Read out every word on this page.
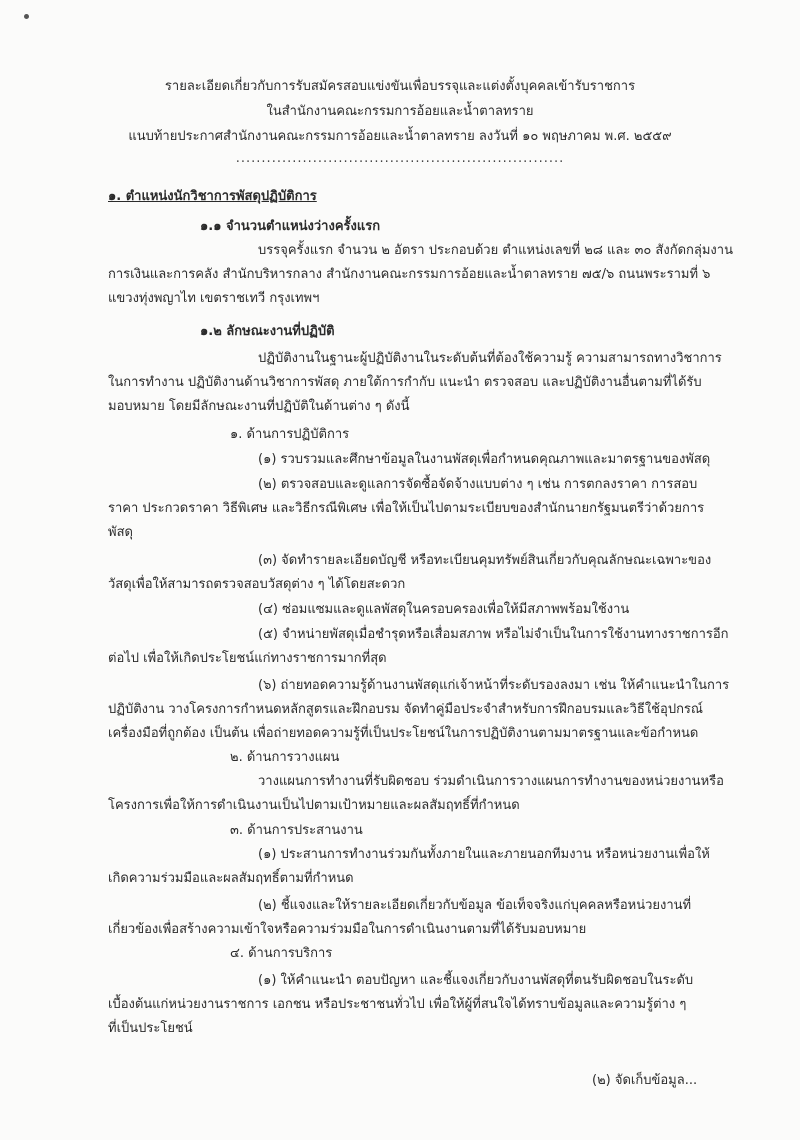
รายละเอียดเกี่ยวกับการรับสมัครสอบแข่งขันเพื่อบรรจุและแต่งตั้งบุคคลเข้ารับราชการ
ในสำนักงานคณะกรรมการอ้อยและน้ำตาลทราย
แนบท้ายประกาศสำนักงานคณะกรรมการอ้อยและน้ำตาลทราย ลงวันที่ ๑๐ พฤษภาคม พ.ศ. ๒๕๕๙
................................................................
๑. ตำแหน่งนักวิชาการพัสดุปฏิบัติการ
๑.๑ จำนวนตำแหน่งว่างครั้งแรก
บรรจุครั้งแรก จำนวน ๒ อัตรา ประกอบด้วย ตำแหน่งเลขที่ ๒๘ และ ๓๐ สังกัดกลุ่มงาน
การเงินและการคลัง สำนักบริหารกลาง สำนักงานคณะกรรมการอ้อยและน้ำตาลทราย ๗๕/๖ ถนนพระรามที่ ๖
แขวงทุ่งพญาไท เขตราชเทวี กรุงเทพฯ
๑.๒ ลักษณะงานที่ปฏิบัติ
ปฏิบัติงานในฐานะผู้ปฏิบัติงานในระดับต้นที่ต้องใช้ความรู้ ความสามารถทางวิชาการ
ในการทำงาน ปฏิบัติงานด้านวิชาการพัสดุ ภายใต้การกำกับ แนะนำ ตรวจสอบ และปฏิบัติงานอื่นตามที่ได้รับ
มอบหมาย โดยมีลักษณะงานที่ปฏิบัติในด้านต่าง ๆ ดังนี้
๑. ด้านการปฏิบัติการ
(๑) รวบรวมและศึกษาข้อมูลในงานพัสดุเพื่อกำหนดคุณภาพและมาตรฐานของพัสดุ
(๒) ตรวจสอบและดูแลการจัดซื้อจัดจ้างแบบต่าง ๆ เช่น การตกลงราคา การสอบ
ราคา ประกวดราคา วิธีพิเศษ และวิธีกรณีพิเศษ เพื่อให้เป็นไปตามระเบียบของสำนักนายกรัฐมนตรีว่าด้วยการ
พัสดุ
(๓) จัดทำรายละเอียดบัญชี หรือทะเบียนคุมทรัพย์สินเกี่ยวกับคุณลักษณะเฉพาะของ
วัสดุเพื่อให้สามารถตรวจสอบวัสดุต่าง ๆ ได้โดยสะดวก
(๔) ซ่อมแซมและดูแลพัสดุในครอบครองเพื่อให้มีสภาพพร้อมใช้งาน
(๕) จำหน่ายพัสดุเมื่อชำรุดหรือเสื่อมสภาพ หรือไม่จำเป็นในการใช้งานทางราชการอีก
ต่อไป เพื่อให้เกิดประโยชน์แก่ทางราชการมากที่สุด
(๖) ถ่ายทอดความรู้ด้านงานพัสดุแก่เจ้าหน้าที่ระดับรองลงมา เช่น ให้คำแนะนำในการ
ปฏิบัติงาน วางโครงการกำหนดหลักสูตรและฝึกอบรม จัดทำคู่มือประจำสำหรับการฝึกอบรมและวิธีใช้อุปกรณ์
เครื่องมือที่ถูกต้อง เป็นต้น เพื่อถ่ายทอดความรู้ที่เป็นประโยชน์ในการปฏิบัติงานตามมาตรฐานและข้อกำหนด
๒. ด้านการวางแผน
วางแผนการทำงานที่รับผิดชอบ ร่วมดำเนินการวางแผนการทำงานของหน่วยงานหรือ
โครงการเพื่อให้การดำเนินงานเป็นไปตามเป้าหมายและผลสัมฤทธิ์ที่กำหนด
๓. ด้านการประสานงาน
(๑) ประสานการทำงานร่วมกันทั้งภายในและภายนอกทีมงาน หรือหน่วยงานเพื่อให้
เกิดความร่วมมือและผลสัมฤทธิ์ตามที่กำหนด
(๒) ชี้แจงและให้รายละเอียดเกี่ยวกับข้อมูล ข้อเท็จจริงแก่บุคคลหรือหน่วยงานที่
เกี่ยวข้องเพื่อสร้างความเข้าใจหรือความร่วมมือในการดำเนินงานตามที่ได้รับมอบหมาย
๔. ด้านการบริการ
(๑) ให้คำแนะนำ ตอบปัญหา และชี้แจงเกี่ยวกับงานพัสดุที่ตนรับผิดชอบในระดับ
เบื้องต้นแก่หน่วยงานราชการ เอกชน หรือประชาชนทั่วไป เพื่อให้ผู้ที่สนใจได้ทราบข้อมูลและความรู้ต่าง ๆ
ที่เป็นประโยชน์
(๒) จัดเก็บข้อมูล...
